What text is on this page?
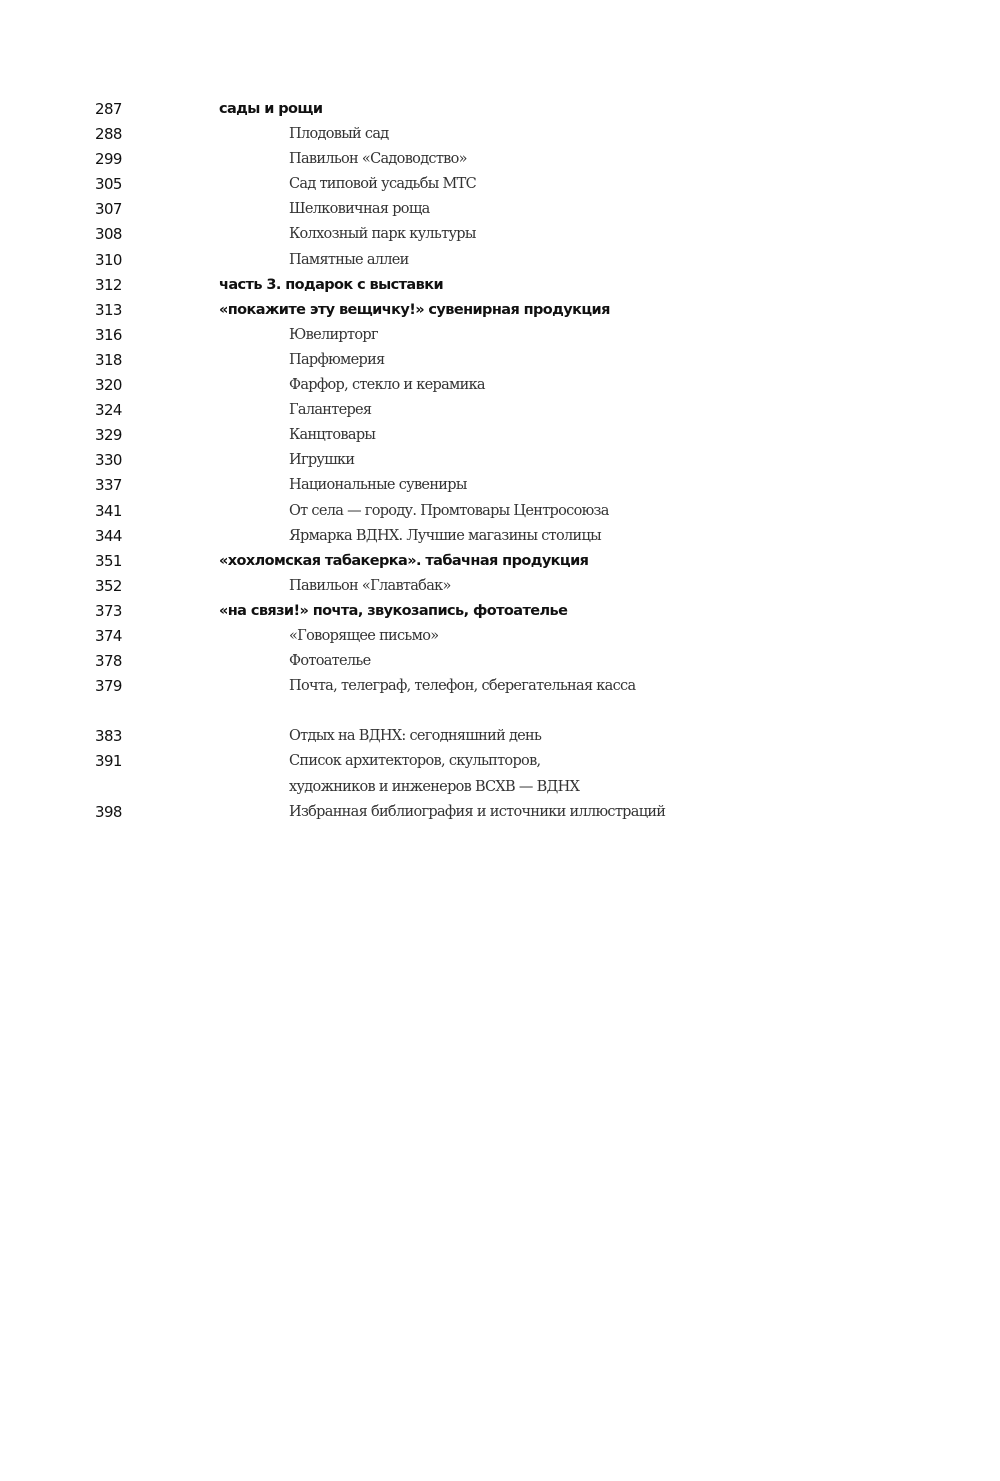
287	сады и рощи
288	Плодовый сад
299	Павильон «Садоводство»
305	Сад типовой усадьбы МТС
307	Шелковичная роща
308	Колхозный парк культуры
310	Памятные аллеи
312	часть 3. подарок с выставки
313	«покажите эту вещичку!» сувенирная продукция
316	Ювелирторг
318	Парфюмерия
320	Фарфор, стекло и керамика
324	Галантерея
329	Канцтовары
330	Игрушки
337	Национальные сувениры
341	От села — городу. Промтовары Центросоюза
344	Ярмарка ВДНХ. Лучшие магазины столицы
351	«хохломская табакерка». табачная продукция
352	Павильон «Главтабак»
373	«на связи!» почта, звукозапись, фотоателье
374	«Говорящее письмо»
378	Фотоателье
379	Почта, телеграф, телефон, сберегательная касса
383	Отдых на ВДНХ: сегодняшний день
391	Список архитекторов, скульпторов,
художников и инженеров ВСХВ — ВДНХ
398	Избранная библиография и источники иллюстраций
